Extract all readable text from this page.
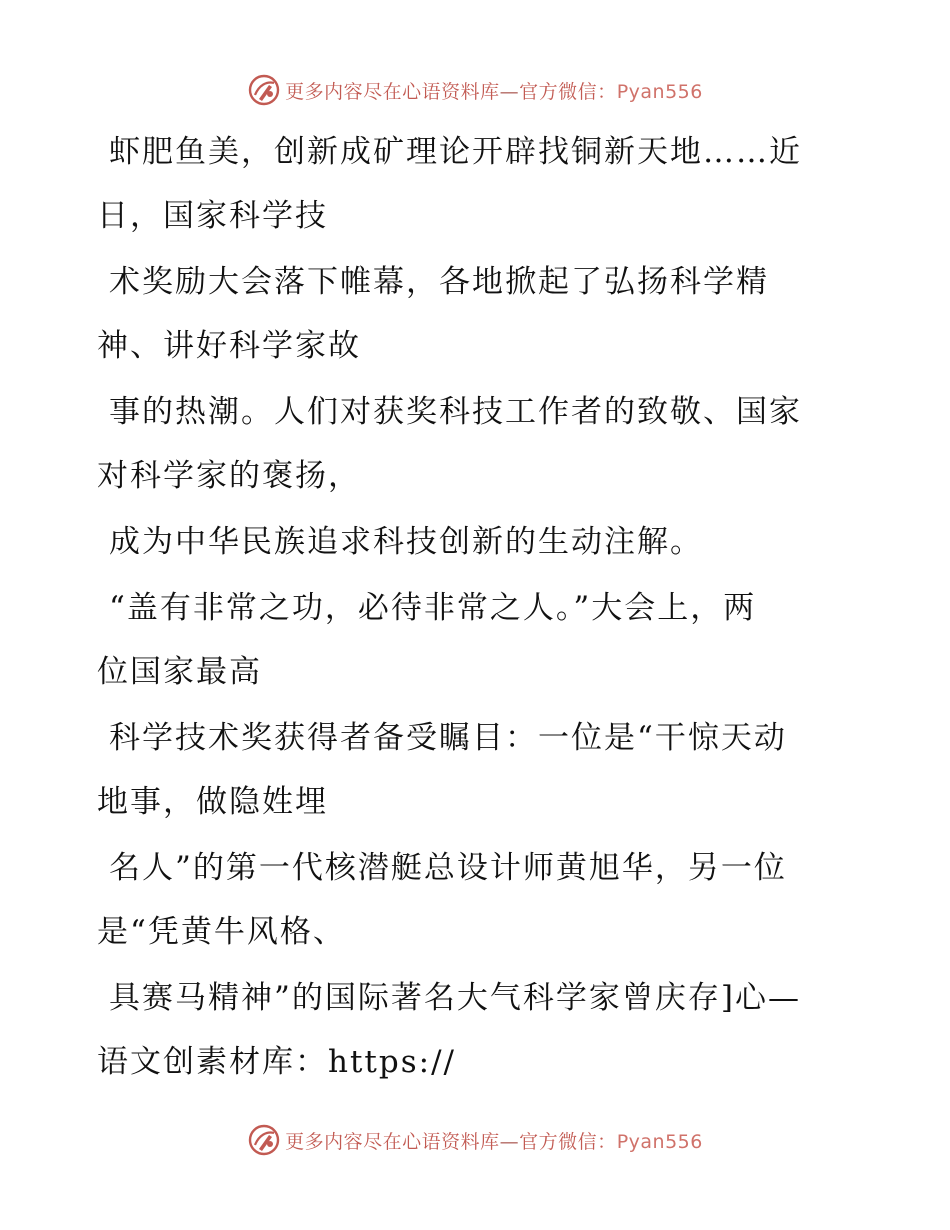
更多内容尽在心语资料库—官方微信：Pyan556
虾肥鱼美，创新成矿理论开辟找铜新天地……近
日，国家科学技
术奖励大会落下帷幕，各地掀起了弘扬科学精
神、讲好科学家故
事的热潮。人们对获奖科技工作者的致敬、国家
对科学家的褒扬，
成为中华民族追求科技创新的生动注解。
“盖有非常之功，必待非常之人。”大会上，两
位国家最高
科学技术奖获得者备受瞩目：一位是“干惊天动
地事，做隐姓埋
名人”的第一代核潜艇总设计师黄旭华，另一位
是“凭黄牛风格、
具赛马精神”的国际著名大气科学家曾庆存]心—
语文创素材库：https://
更多内容尽在心语资料库—官方微信：Pyan556
